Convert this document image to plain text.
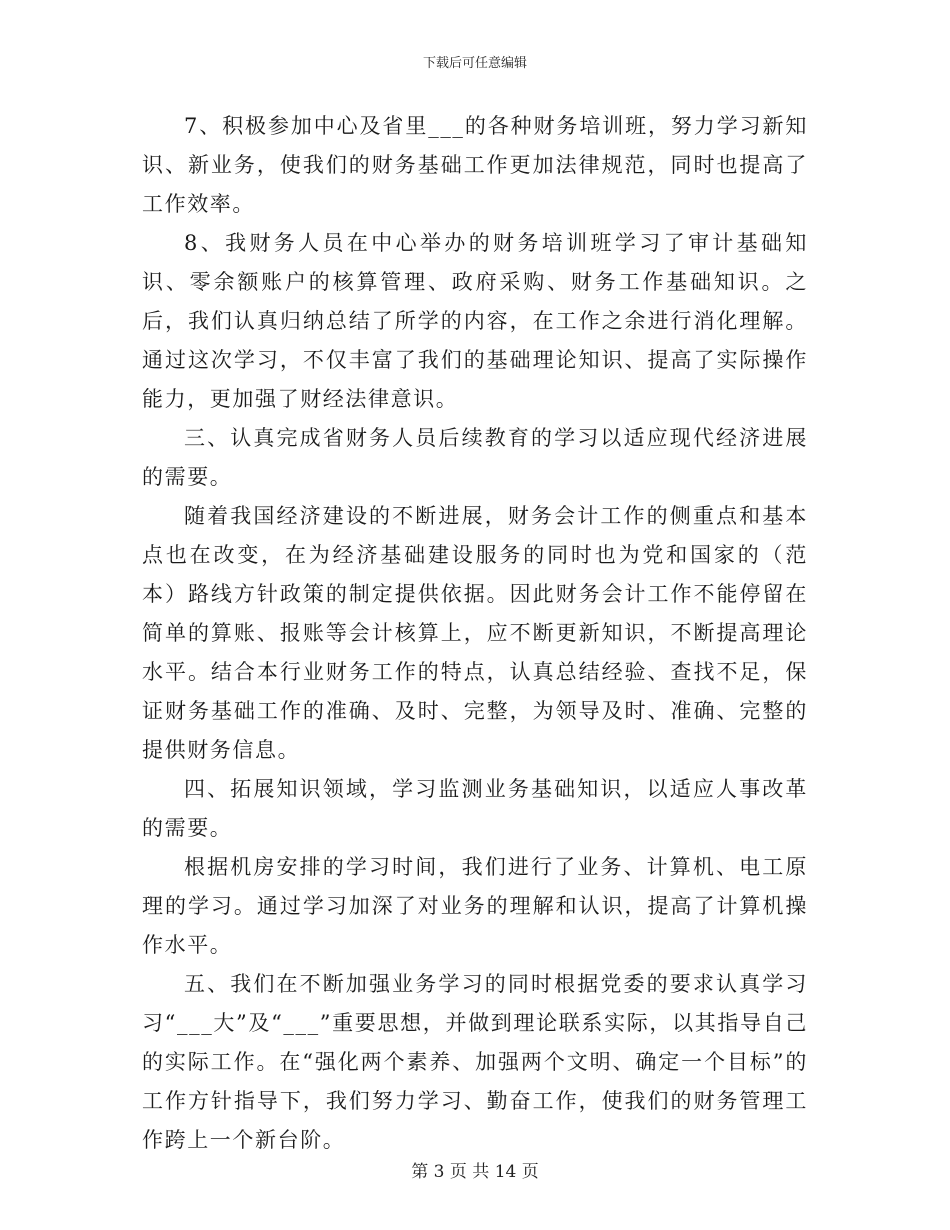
下载后可任意编辑

7、积极参加中心及省里___的各种财务培训班，努力学习新知识、新业务，使我们的财务基础工作更加法律规范，同时也提高了工作效率。

8、我财务人员在中心举办的财务培训班学习了审计基础知识、零余额账户的核算管理、政府采购、财务工作基础知识。之后，我们认真归纳总结了所学的内容，在工作之余进行消化理解。通过这次学习，不仅丰富了我们的基础理论知识、提高了实际操作能力，更加强了财经法律意识。

三、认真完成省财务人员后续教育的学习以适应现代经济进展的需要。

随着我国经济建设的不断进展，财务会计工作的侧重点和基本点也在改变，在为经济基础建设服务的同时也为党和国家的（范本）路线方针政策的制定提供依据。因此财务会计工作不能停留在简单的算账、报账等会计核算上，应不断更新知识，不断提高理论水平。结合本行业财务工作的特点，认真总结经验、查找不足，保证财务基础工作的准确、及时、完整，为领导及时、准确、完整的提供财务信息。

四、拓展知识领域，学习监测业务基础知识，以适应人事改革的需要。

根据机房安排的学习时间，我们进行了业务、计算机、电工原理的学习。通过学习加深了对业务的理解和认识，提高了计算机操作水平。

五、我们在不断加强业务学习的同时根据党委的要求认真学习习“___大”及“___”重要思想，并做到理论联系实际，以其指导自己的实际工作。在“强化两个素养、加强两个文明、确定一个目标”的工作方针指导下，我们努力学习、勤奋工作，使我们的财务管理工作跨上一个新台阶。

第 3 页 共 14 页
